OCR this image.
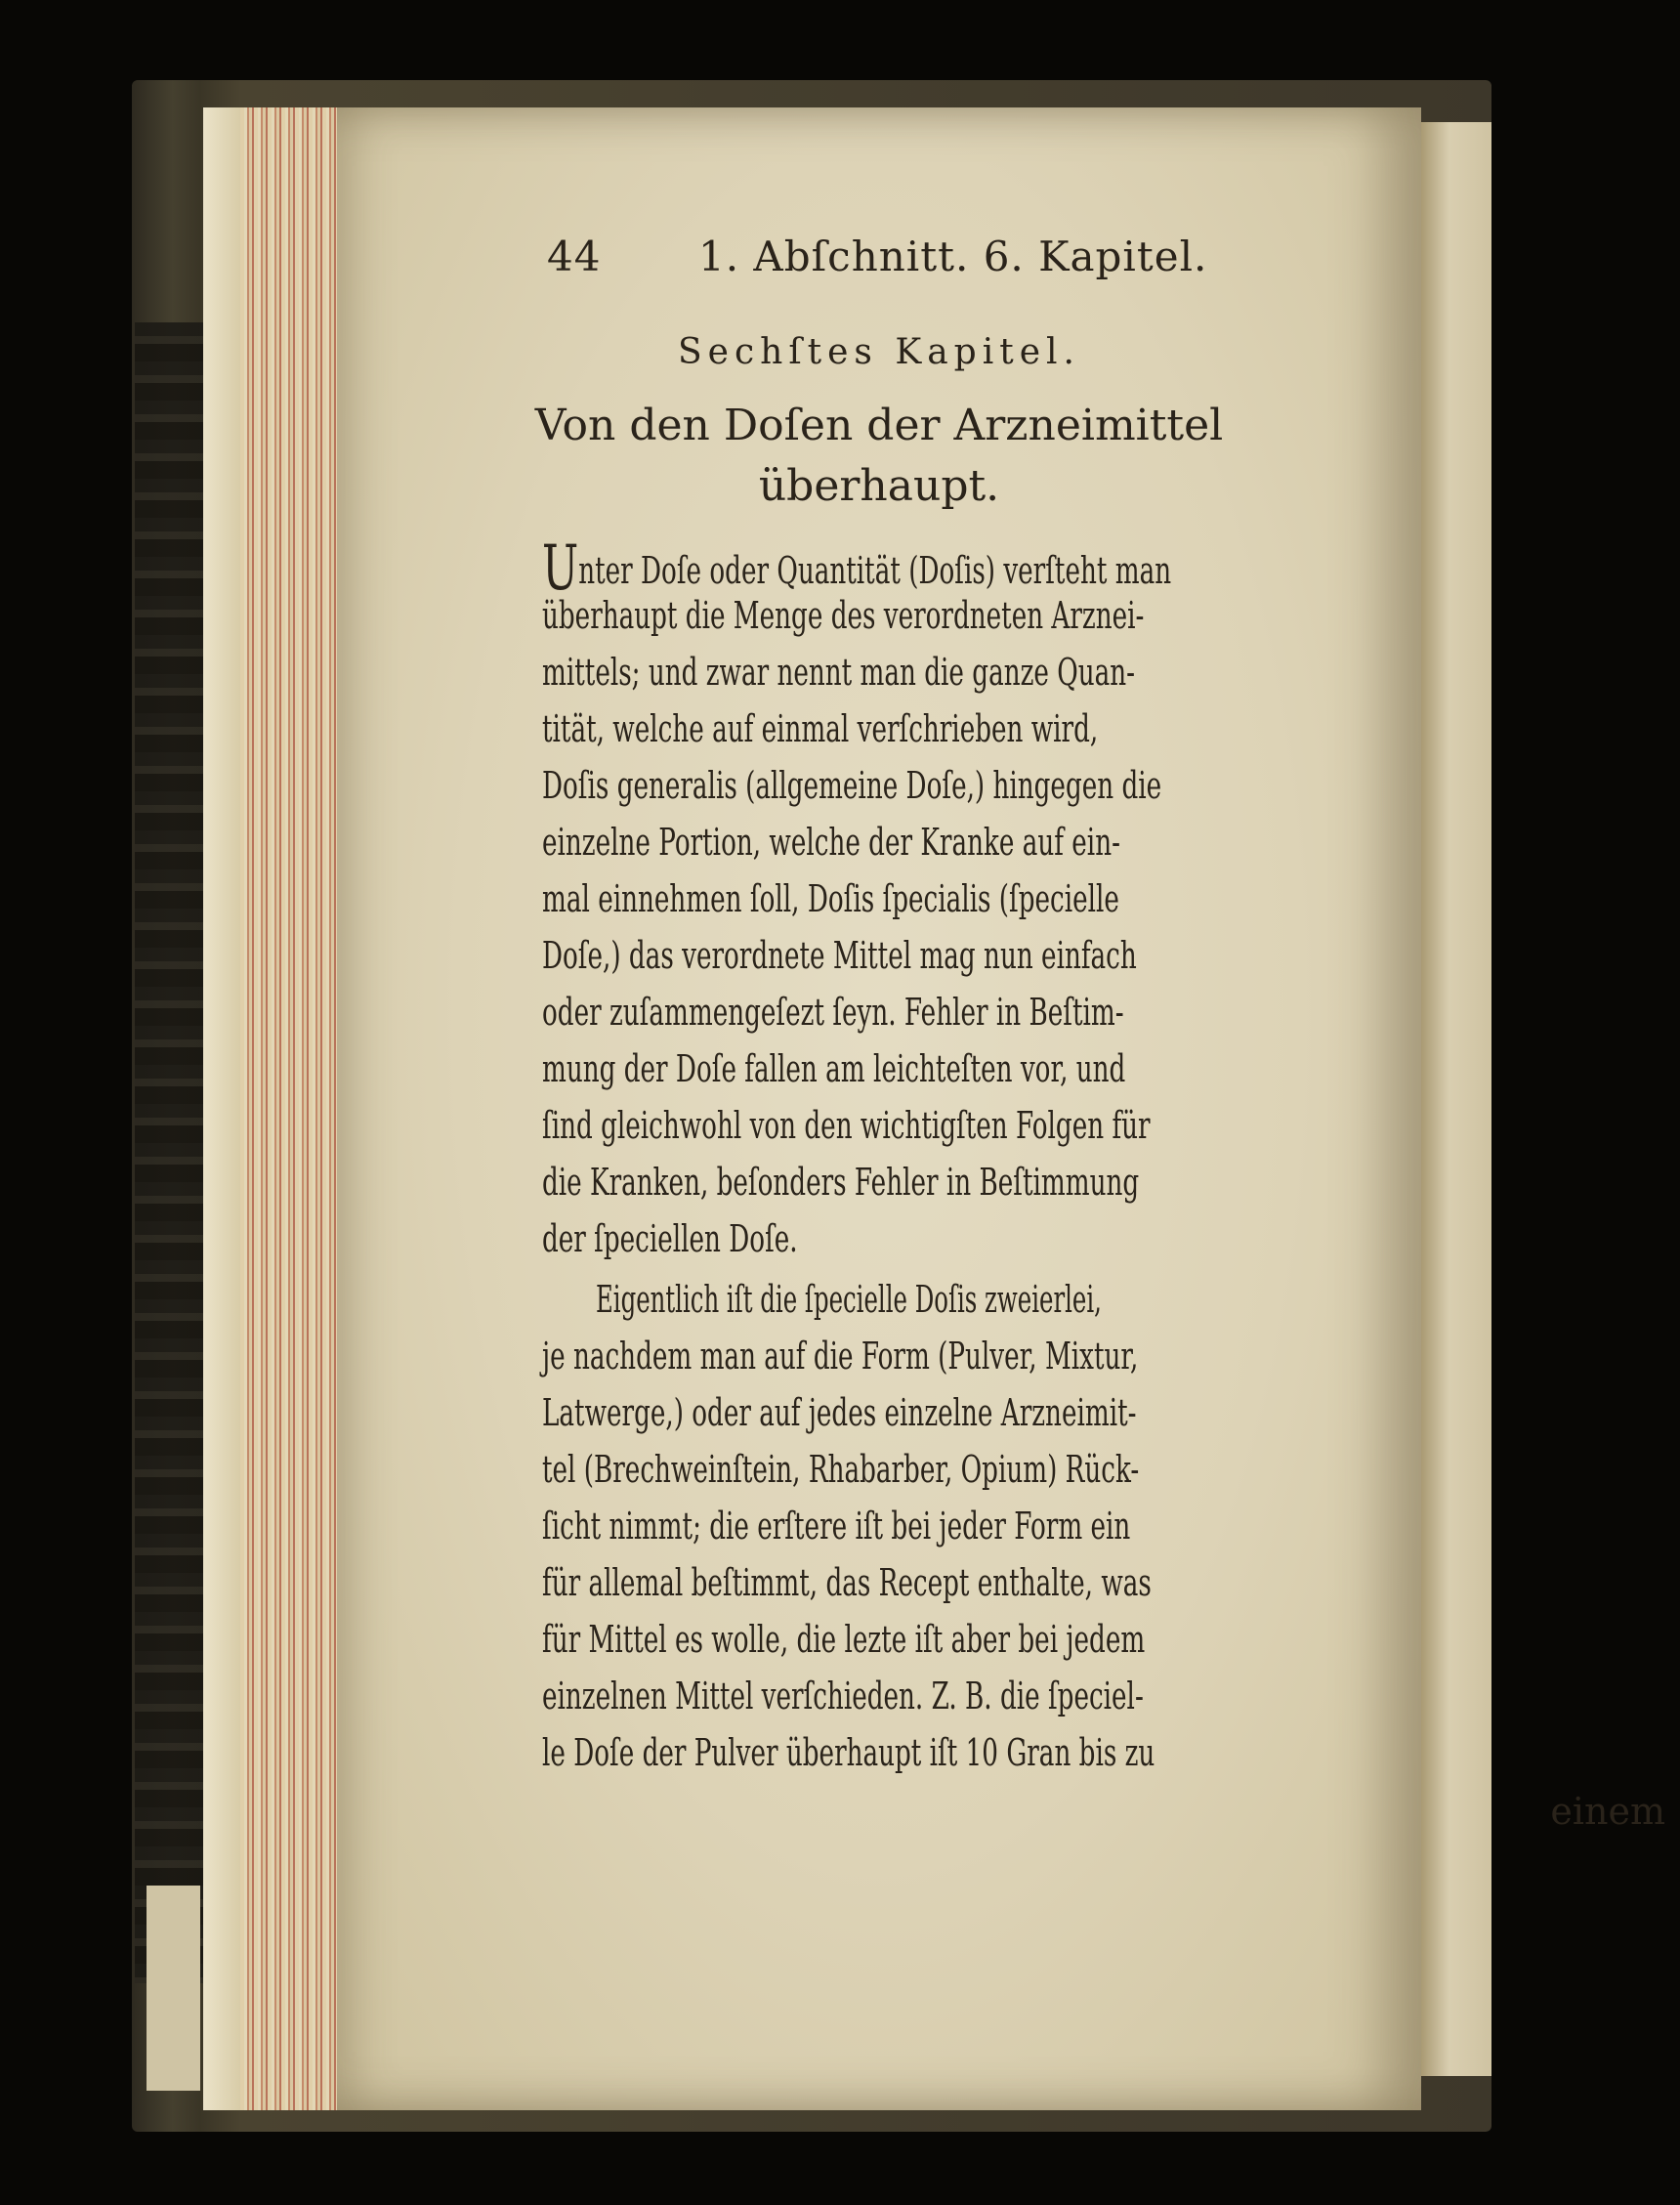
44 1. Abſchnitt. 6. Kapitel.
Sechſtes Kapitel.
Von den Doſen der Arzneimittel
überhaupt.
Unter Doſe oder Quantität (Doſis) verſteht man
überhaupt die Menge des verordneten Arznei-
mittels; und zwar nennt man die ganze Quan-
tität, welche auf einmal verſchrieben wird,
Doſis generalis (allgemeine Doſe,) hingegen die
einzelne Portion, welche der Kranke auf ein-
mal einnehmen ſoll, Doſis ſpecialis (ſpecielle
Doſe,) das verordnete Mittel mag nun einfach
oder zuſammengeſezt ſeyn. Fehler in Beſtim-
mung der Doſe fallen am leichteſten vor, und
ſind gleichwohl von den wichtigſten Folgen für
die Kranken, beſonders Fehler in Beſtimmung
der ſpeciellen Doſe.
Eigentlich iſt die ſpecielle Doſis zweierlei,
je nachdem man auf die Form (Pulver, Mixtur,
Latwerge,) oder auf jedes einzelne Arzneimit-
tel (Brechweinſtein, Rhabarber, Opium) Rück-
ſicht nimmt; die erſtere iſt bei jeder Form ein
für allemal beſtimmt, das Recept enthalte, was
für Mittel es wolle, die lezte iſt aber bei jedem
einzelnen Mittel verſchieden. Z. B. die ſpeciel-
le Doſe der Pulver überhaupt iſt 10 Gran bis zu
einem
